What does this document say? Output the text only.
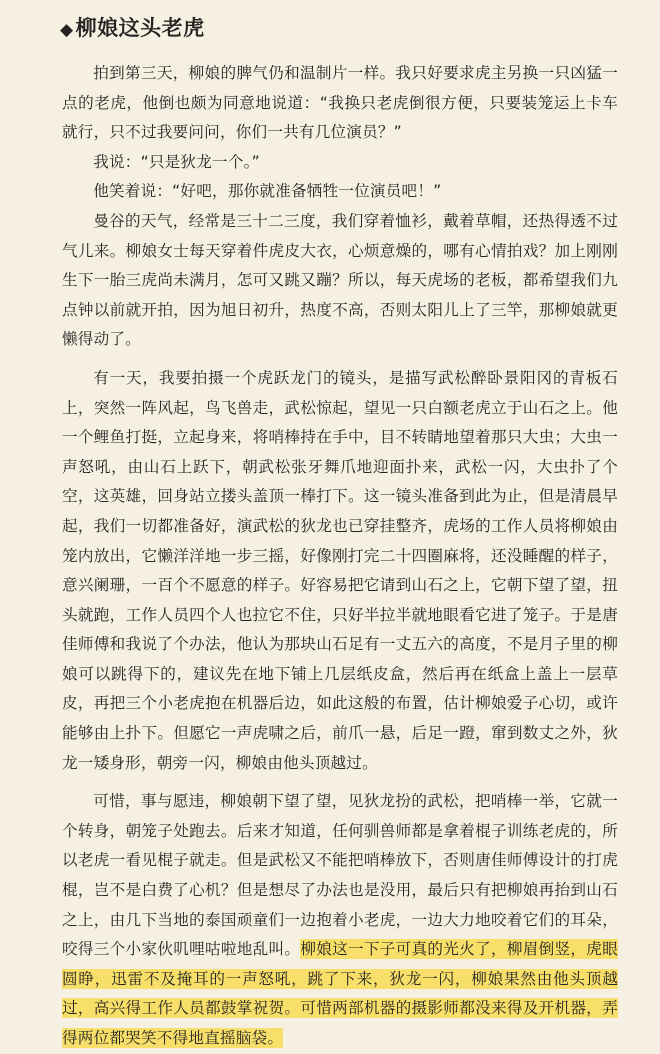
◆柳娘这头老虎

拍到第三天，柳娘的脾气仍和温制片一样。我只好要求虎主另换一只凶猛一点的老虎，他倒也颇为同意地说道：“我换只老虎倒很方便，只要装笼运上卡车就行，只不过我要问问，你们一共有几位演员？”

我说：“只是狄龙一个。”

他笑着说：“好吧，那你就准备牺牲一位演员吧！”

曼谷的天气，经常是三十二三度，我们穿着恤衫，戴着草帽，还热得透不过气儿来。柳娘女士每天穿着件虎皮大衣，心烦意燥的，哪有心情拍戏？加上刚刚生下一胎三虎尚未满月，怎可又跳又蹦？所以，每天虎场的老板，都希望我们九点钟以前就开拍，因为旭日初升，热度不高，否则太阳儿上了三竿，那柳娘就更懒得动了。

有一天，我要拍摄一个虎跃龙门的镜头，是描写武松醉卧景阳冈的青板石上，突然一阵风起，鸟飞兽走，武松惊起，望见一只白额老虎立于山石之上。他一个鲤鱼打挺，立起身来，将哨棒持在手中，目不转睛地望着那只大虫；大虫一声怒吼，由山石上跃下，朝武松张牙舞爪地迎面扑来，武松一闪，大虫扑了个空，这英雄，回身站立搂头盖顶一棒打下。这一镜头准备到此为止，但是清晨早起，我们一切都准备好，演武松的狄龙也已穿挂整齐，虎场的工作人员将柳娘由笼内放出，它懒洋洋地一步三摇，好像刚打完二十四圈麻将，还没睡醒的样子，意兴阑珊，一百个不愿意的样子。好容易把它请到山石之上，它朝下望了望，扭头就跑，工作人员四个人也拉它不住，只好半拉半就地眼看它进了笼子。于是唐佳师傅和我说了个办法，他认为那块山石足有一丈五六的高度，不是月子里的柳娘可以跳得下的，建议先在地下铺上几层纸皮盒，然后再在纸盒上盖上一层草皮，再把三个小老虎抱在机器后边，如此这般的布置，估计柳娘爱子心切，或许能够由上扑下。但愿它一声虎啸之后，前爪一悬，后足一蹬，窜到数丈之外，狄龙一矮身形，朝旁一闪，柳娘由他头顶越过。

可惜，事与愿违，柳娘朝下望了望，见狄龙扮的武松，把哨棒一举，它就一个转身，朝笼子处跑去。后来才知道，任何驯兽师都是拿着棍子训练老虎的，所以老虎一看见棍子就走。但是武松又不能把哨棒放下，否则唐佳师傅设计的打虎棍，岂不是白费了心机？但是想尽了办法也是没用，最后只有把柳娘再抬到山石之上，由几下当地的泰国顽童们一边抱着小老虎，一边大力地咬着它们的耳朵，咬得三个小家伙叽哩咕啦地乱叫。柳娘这一下子可真的光火了，柳眉倒竖，虎眼圆睁，迅雷不及掩耳的一声怒吼，跳了下来，狄龙一闪，柳娘果然由他头顶越过，高兴得工作人员都鼓掌祝贺。可惜两部机器的摄影师都没来得及开机器，弄得两位都哭笑不得地直摇脑袋。
